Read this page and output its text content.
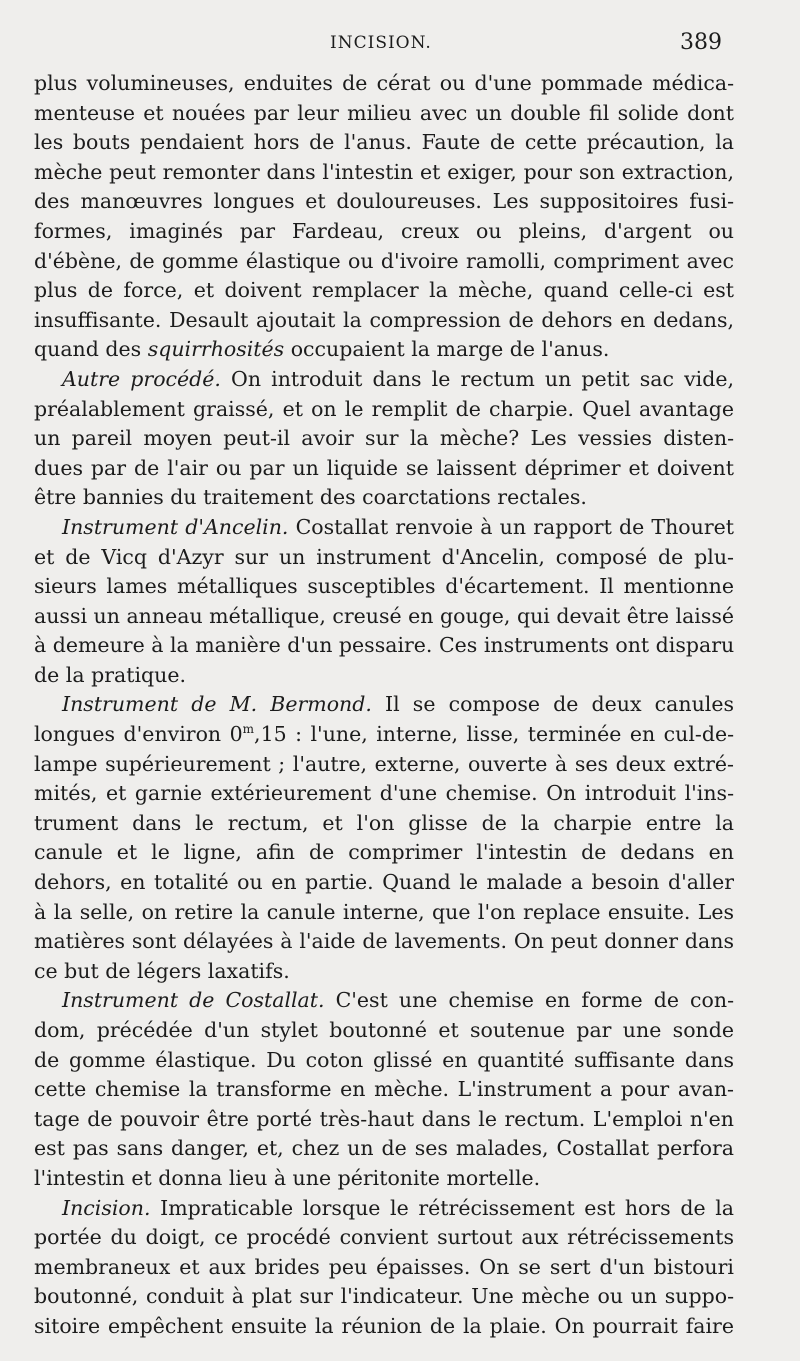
INCISION.	389
plus volumineuses, enduites de cérat ou d'une pommade médica-
menteuse et nouées par leur milieu avec un double fil solide dont
les bouts pendaient hors de l'anus. Faute de cette précaution, la
mèche peut remonter dans l'intestin et exiger, pour son extraction,
des manœuvres longues et douloureuses. Les suppositoires fusi-
formes, imaginés par Fardeau, creux ou pleins, d'argent ou
d'ébène, de gomme élastique ou d'ivoire ramolli, compriment avec
plus de force, et doivent remplacer la mèche, quand celle-ci est
insuffisante. Desault ajoutait la compression de dehors en dedans,
quand des squirrhosités occupaient la marge de l'anus.
Autre procédé. On introduit dans le rectum un petit sac vide,
préalablement graissé, et on le remplit de charpie. Quel avantage
un pareil moyen peut-il avoir sur la mèche? Les vessies disten-
dues par de l'air ou par un liquide se laissent déprimer et doivent
être bannies du traitement des coarctations rectales.
Instrument d'Ancelin. Costallat renvoie à un rapport de Thouret
et de Vicq d'Azyr sur un instrument d'Ancelin, composé de plu-
sieurs lames métalliques susceptibles d'écartement. Il mentionne
aussi un anneau métallique, creusé en gouge, qui devait être laissé
à demeure à la manière d'un pessaire. Ces instruments ont disparu
de la pratique.
Instrument de M. Bermond. Il se compose de deux canules
longues d'environ 0$^m$,15 : l'une, interne, lisse, terminée en cul-de-
lampe supérieurement ; l'autre, externe, ouverte à ses deux extré-
mités, et garnie extérieurement d'une chemise. On introduit l'ins-
trument dans le rectum, et l'on glisse de la charpie entre la
canule et le ligne, afin de comprimer l'intestin de dedans en
dehors, en totalité ou en partie. Quand le malade a besoin d'aller
à la selle, on retire la canule interne, que l'on replace ensuite. Les
matières sont délayées à l'aide de lavements. On peut donner dans
ce but de légers laxatifs.
Instrument de Costallat. C'est une chemise en forme de con-
dom, précédée d'un stylet boutonné et soutenue par une sonde
de gomme élastique. Du coton glissé en quantité suffisante dans
cette chemise la transforme en mèche. L'instrument a pour avan-
tage de pouvoir être porté très-haut dans le rectum. L'emploi n'en
est pas sans danger, et, chez un de ses malades, Costallat perfora
l'intestin et donna lieu à une péritonite mortelle.
Incision. Impraticable lorsque le rétrécissement est hors de la
portée du doigt, ce procédé convient surtout aux rétrécissements
membraneux et aux brides peu épaisses. On se sert d'un bistouri
boutonné, conduit à plat sur l'indicateur. Une mèche ou un suppo-
sitoire empêchent ensuite la réunion de la plaie. On pourrait faire
